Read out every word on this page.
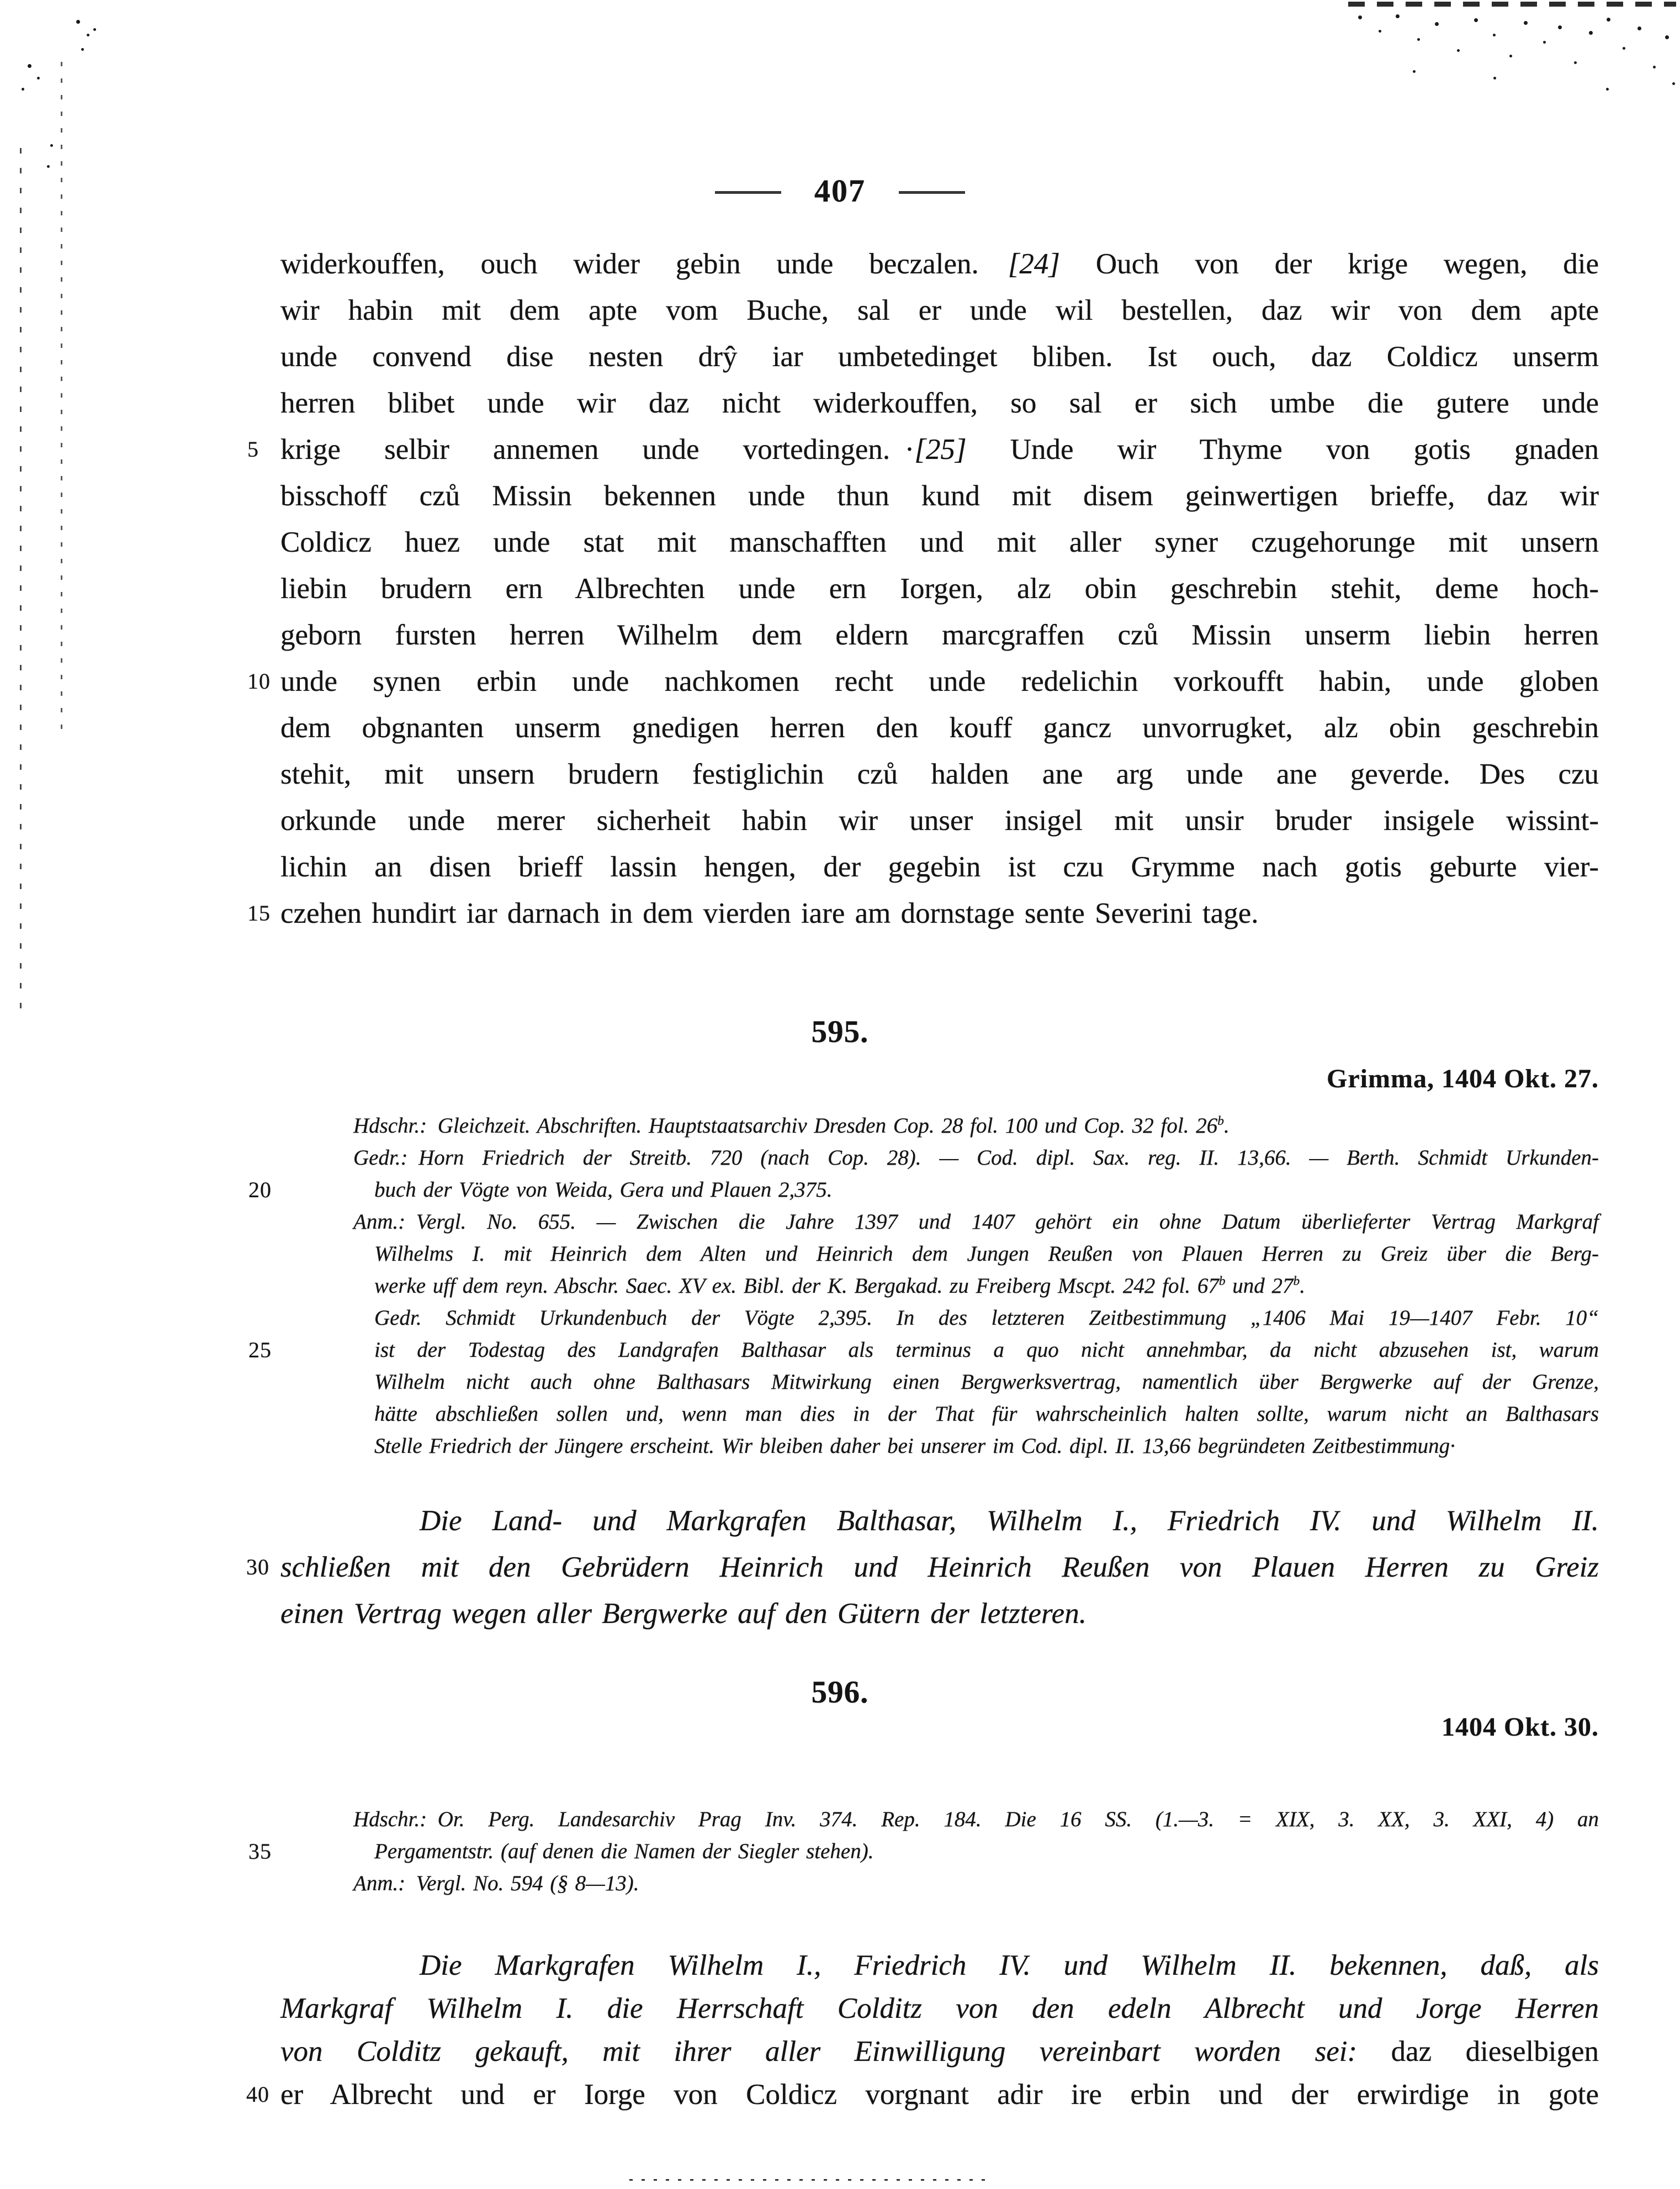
407
widerkouffen, ouch wider gebin unde beczalen. [24] Ouch von der krige wegen, die
wir habin mit dem apte vom Buche, sal er unde wil bestellen, daz wir von dem apte
unde convend dise nesten drŷ iar umbetedinget bliben. Ist ouch, daz Coldicz unserm
herren blibet unde wir daz nicht widerkouffen, so sal er sich umbe die gutere unde
5 krige selbir annemen unde vortedingen. ·[25] Unde wir Thyme von gotis gnaden
bisschoff czů Missin bekennen unde thun kund mit disem geinwertigen brieffe, daz wir
Coldicz huez unde stat mit manschafften und mit aller syner czugehorunge mit unsern
liebin brudern ern Albrechten unde ern Iorgen, alz obin geschrebin stehit, deme hoch-
geborn fursten herren Wilhelm dem eldern marcgraffen czů Missin unserm liebin herren
10 unde synen erbin unde nachkomen recht unde redelichin vorkoufft habin, unde globen
dem obgnanten unserm gnedigen herren den kouff gancz unvorrugket, alz obin geschrebin
stehit, mit unsern brudern festiglichin czů halden ane arg unde ane geverde. Des czu
orkunde unde merer sicherheit habin wir unser insigel mit unsir bruder insigele wissint-
lichin an disen brieff lassin hengen, der gegebin ist czu Grymme nach gotis geburte vier-
15 czehen hundirt iar darnach in dem vierden iare am dornstage sente Severini tage.
595.
Grimma, 1404 Okt. 27.
Hdschr.: Gleichzeit. Abschriften. Hauptstaatsarchiv Dresden Cop. 28 fol. 100 und Cop. 32 fol. 26$^b$.
Gedr.: Horn Friedrich der Streitb. 720 (nach Cop. 28). — Cod. dipl. Sax. reg. II. 13,66. — Berth. Schmidt Urkunden-
20	buch der Vögte von Weida, Gera und Plauen 2,375.
Anm.: Vergl. No. 655. — Zwischen die Jahre 1397 und 1407 gehört ein ohne Datum überlieferter Vertrag Markgraf
Wilhelms I. mit Heinrich dem Alten und Heinrich dem Jungen Reußen von Plauen Herren zu Greiz über die Berg-
werke uff dem reyn. Abschr. Saec. XV ex. Bibl. der K. Bergakad. zu Freiberg Mscpt. 242 fol. 67$^b$ und 27$^b$.
Gedr. Schmidt Urkundenbuch der Vögte 2,395. In des letzteren Zeitbestimmung „1406 Mai 19—1407 Febr. 10“
25	ist der Todestag des Landgrafen Balthasar als terminus a quo nicht annehmbar, da nicht abzusehen ist, warum
Wilhelm nicht auch ohne Balthasars Mitwirkung einen Bergwerksvertrag, namentlich über Bergwerke auf der Grenze,
hätte abschließen sollen und, wenn man dies in der That für wahrscheinlich halten sollte, warum nicht an Balthasars
Stelle Friedrich der Jüngere erscheint. Wir bleiben daher bei unserer im Cod. dipl. II. 13,66 begründeten Zeitbestimmung·
Die Land- und Markgrafen Balthasar, Wilhelm I., Friedrich IV. und Wilhelm II.
30 schließen mit den Gebrüdern Heinrich und Heinrich Reußen von Plauen Herren zu Greiz
einen Vertrag wegen aller Bergwerke auf den Gütern der letzteren.
596.
1404 Okt. 30.
Hdschr.: Or. Perg. Landesarchiv Prag Inv. 374. Rep. 184. Die 16 SS. (1.—3. = XIX, 3. XX, 3. XXI, 4) an
35	Pergamentstr. (auf denen die Namen der Siegler stehen).
Anm.: Vergl. No. 594 (§ 8—13).
Die Markgrafen Wilhelm I., Friedrich IV. und Wilhelm II. bekennen, daß, als
Markgraf Wilhelm I. die Herrschaft Colditz von den edeln Albrecht und Jorge Herren
von Colditz gekauft, mit ihrer aller Einwilligung vereinbart worden sei: daz dieselbigen
40 er Albrecht und er Iorge von Coldicz vorgnant adir ire erbin und der erwirdige in gote
